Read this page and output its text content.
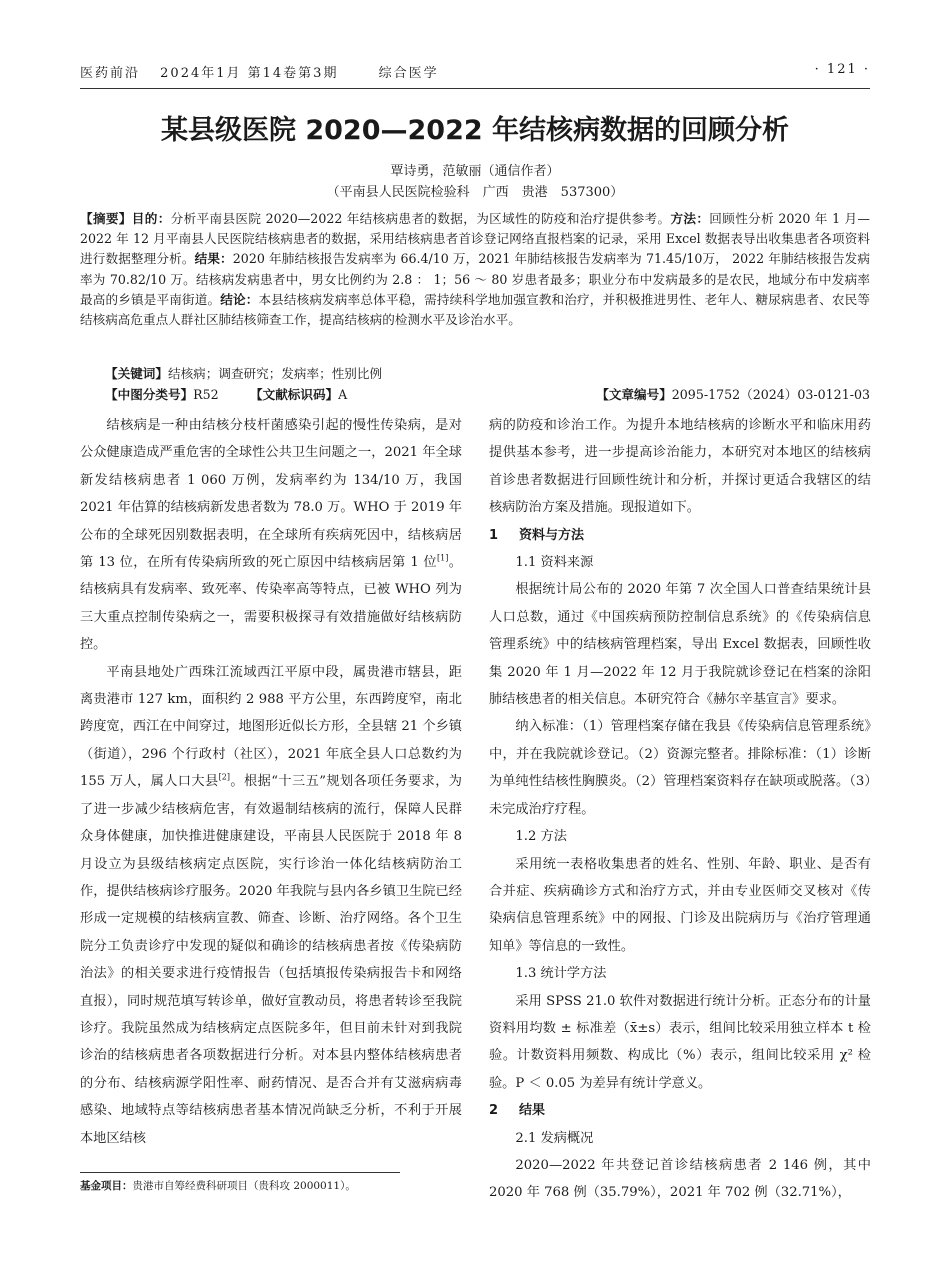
医药前沿 2024年1月 第14卷第3期	综合医学	· 121 ·
某县级医院 2020—2022 年结核病数据的回顾分析
覃诗勇，范敏丽（通信作者）
（平南县人民医院检验科　广西　贵港　537300）
【摘要】目的：分析平南县医院 2020—2022 年结核病患者的数据，为区域性的防疫和治疗提供参考。方法：回顾性分析 2020 年 1 月—2022 年 12 月平南县人民医院结核病患者的数据，采用结核病患者首诊登记网络直报档案的记录，采用 Excel 数据表导出收集患者各项资料进行数据整理分析。结果：2020 年肺结核报告发病率为 66.4/10 万，2021 年肺结核报告发病率为 71.45/10万， 2022 年肺结核报告发病率为 70.82/10 万。结核病发病患者中，男女比例约为 2.8 ： 1；56 ～ 80 岁患者最多；职业分布中发病最多的是农民，地域分布中发病率最高的乡镇是平南街道。结论：本县结核病发病率总体平稳，需持续科学地加强宣教和治疗，并积极推进男性、老年人、糖尿病患者、农民等结核病高危重点人群社区肺结核筛查工作，提高结核病的检测水平及诊治水平。
【关键词】结核病；调查研究；发病率；性别比例
【中图分类号】R52	【文献标识码】A	【文章编号】2095-1752（2024）03-0121-03

结核病是一种由结核分枝杆菌感染引起的慢性传染病，是对公众健康造成严重危害的全球性公共卫生问题之一，2021 年全球新发结核病患者 1 060 万例，发病率约为 134/10 万，我国 2021 年估算的结核病新发患者数为 78.0 万。WHO 于 2019 年公布的全球死因别数据表明，在全球所有疾病死因中，结核病居第 13 位，在所有传染病所致的死亡原因中结核病居第 1 位[1]。结核病具有发病率、致死率、传染率高等特点，已被 WHO 列为三大重点控制传染病之一，需要积极探寻有效措施做好结核病防控。

平南县地处广西珠江流域西江平原中段，属贵港市辖县，距离贵港市 127 km，面积约 2 988 平方公里，东西跨度窄，南北跨度宽，西江在中间穿过，地图形近似长方形，全县辖 21 个乡镇（街道），296 个行政村（社区），2021 年底全县人口总数约为 155 万人，属人口大县[2]。根据“十三五”规划各项任务要求，为了进一步减少结核病危害，有效遏制结核病的流行，保障人民群众身体健康，加快推进健康建设，平南县人民医院于 2018 年 8 月设立为县级结核病定点医院，实行诊治一体化结核病防治工作，提供结核病诊疗服务。2020 年我院与县内各乡镇卫生院已经形成一定规模的结核病宣教、筛查、诊断、治疗网络。各个卫生院分工负责诊疗中发现的疑似和确诊的结核病患者按《传染病防治法》的相关要求进行疫情报告（包括填报传染病报告卡和网络直报），同时规范填写转诊单，做好宣教动员，将患者转诊至我院诊疗。我院虽然成为结核病定点医院多年，但目前未针对到我院诊治的结核病患者各项数据进行分析。对本县内整体结核病患者的分布、结核病源学阳性率、耐药情况、是否合并有艾滋病病毒感染、地域特点等结核病患者基本情况尚缺乏分析，不利于开展本地区结核

病的防疫和诊治工作。为提升本地结核病的诊断水平和临床用药提供基本参考，进一步提高诊治能力，本研究对本地区的结核病首诊患者数据进行回顾性统计和分析，并探讨更适合我辖区的结核病防治方案及措施。现报道如下。

1 资料与方法

1.1 资料来源

根据统计局公布的 2020 年第 7 次全国人口普查结果统计县人口总数，通过《中国疾病预防控制信息系统》的《传染病信息管理系统》中的结核病管理档案，导出 Excel 数据表，回顾性收集 2020 年 1 月—2022 年 12 月于我院就诊登记在档案的涂阳肺结核患者的相关信息。本研究符合《赫尔辛基宣言》要求。

纳入标准：（1）管理档案存储在我县《传染病信息管理系统》中，并在我院就诊登记。（2）资源完整者。排除标准：（1）诊断为单纯性结核性胸膜炎。（2）管理档案资料存在缺项或脱落。（3）未完成治疗疗程。

1.2 方法

采用统一表格收集患者的姓名、性别、年龄、职业、是否有合并症、疾病确诊方式和治疗方式，并由专业医师交叉核对《传染病信息管理系统》中的网报、门诊及出院病历与《治疗管理通知单》等信息的一致性。

1.3 统计学方法

采用 SPSS 21.0 软件对数据进行统计分析。正态分布的计量资料用均数 ± 标准差（x̄±s）表示，组间比较采用独立样本 t 检验。计数资料用频数、构成比（%）表示，组间比较采用 χ² 检验。P ＜ 0.05 为差异有统计学意义。

2 结果

2.1 发病概况

2020—2022 年共登记首诊结核病患者 2 146 例，其中 2020 年 768 例（35.79%），2021 年 702 例（32.71%），

基金项目：贵港市自筹经费科研项目（贵科攻 2000011）。
